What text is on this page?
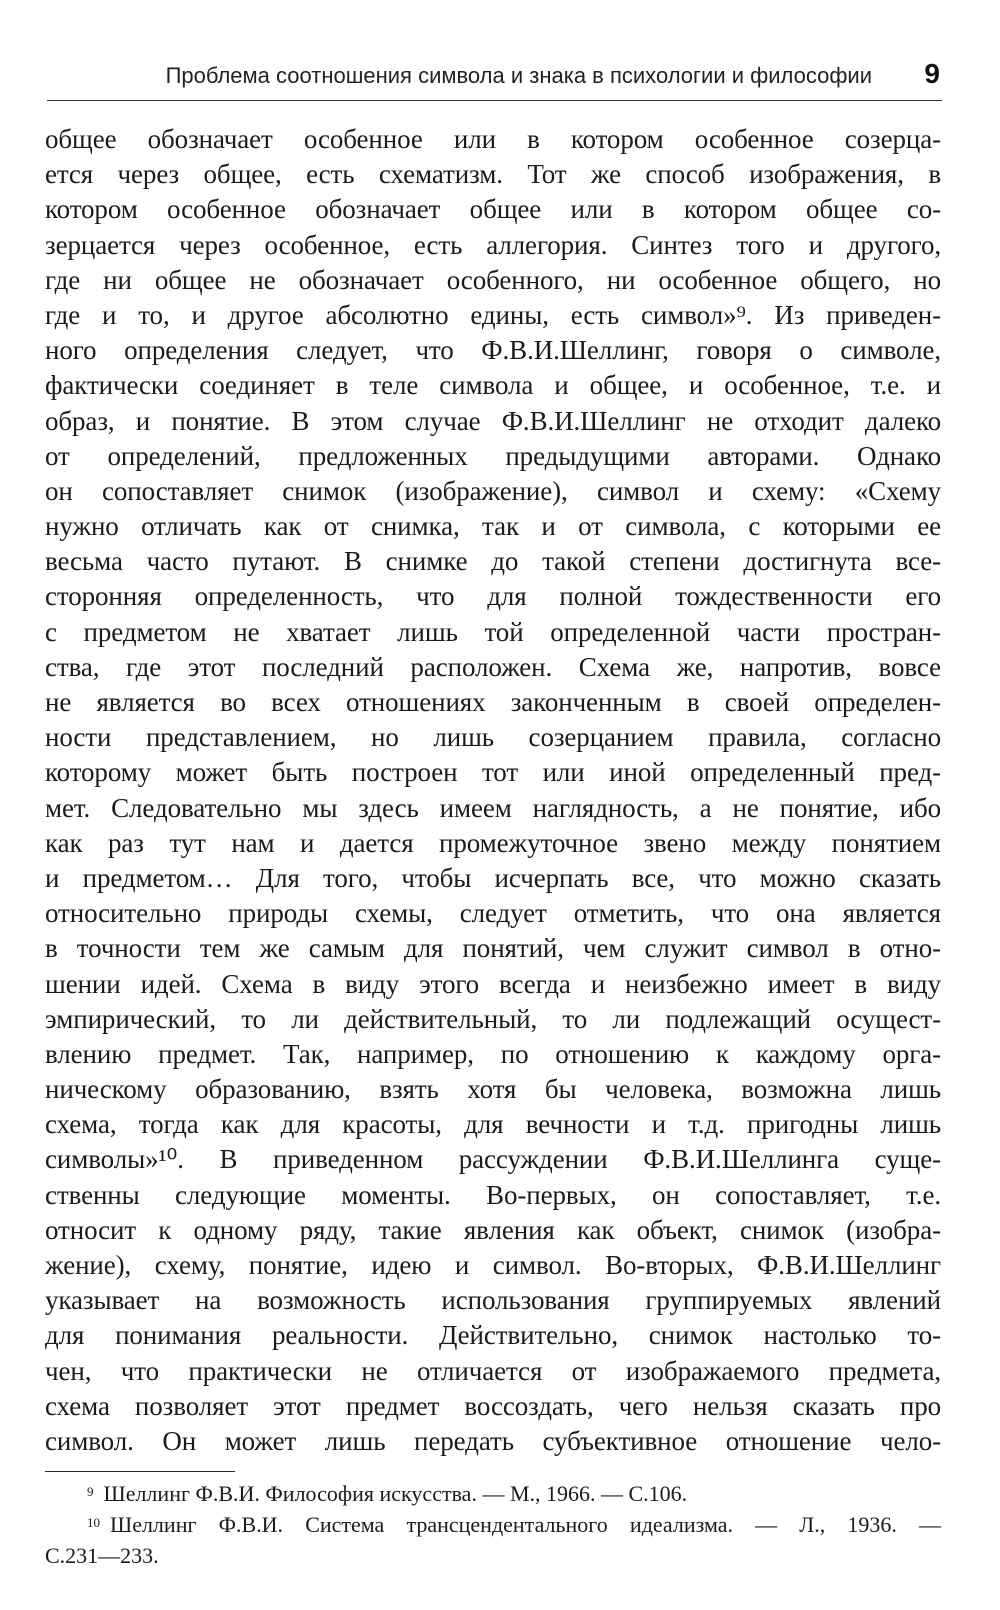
Проблема соотношения символа и знака в психологии и философии 9
общее обозначает особенное или в котором особенное созерца-
ется через общее, есть схематизм. Тот же способ изображения, в
котором особенное обозначает общее или в котором общее со-
зерцается через особенное, есть аллегория. Синтез того и другого,
где ни общее не обозначает особенного, ни особенное общего, но
где и то, и другое абсолютно едины, есть символ»⁹. Из приведен-
ного определения следует, что Ф.В.И.Шеллинг, говоря о символе,
фактически соединяет в теле символа и общее, и особенное, т.е. и
образ, и понятие. В этом случае Ф.В.И.Шеллинг не отходит далеко
от определений, предложенных предыдущими авторами. Однако
он сопоставляет снимок (изображение), символ и схему: «Схему
нужно отличать как от снимка, так и от символа, с которыми ее
весьма часто путают. В снимке до такой степени достигнута все-
сторонняя определенность, что для полной тождественности его
с предметом не хватает лишь той определенной части простран-
ства, где этот последний расположен. Схема же, напротив, вовсе
не является во всех отношениях законченным в своей определен-
ности представлением, но лишь созерцанием правила, согласно
которому может быть построен тот или иной определенный пред-
мет. Следовательно мы здесь имеем наглядность, а не понятие, ибо
как раз тут нам и дается промежуточное звено между понятием
и предметом… Для того, чтобы исчерпать все, что можно сказать
относительно природы схемы, следует отметить, что она является
в точности тем же самым для понятий, чем служит символ в отно-
шении идей. Схема в виду этого всегда и неизбежно имеет в виду
эмпирический, то ли действительный, то ли подлежащий осущест-
влению предмет. Так, например, по отношению к каждому орга-
ническому образованию, взять хотя бы человека, возможна лишь
схема, тогда как для красоты, для вечности и т.д. пригодны лишь
символы»¹⁰. В приведенном рассуждении Ф.В.И.Шеллинга суще-
ственны следующие моменты. Во-первых, он сопоставляет, т.е.
относит к одному ряду, такие явления как объект, снимок (изобра-
жение), схему, понятие, идею и символ. Во-вторых, Ф.В.И.Шеллинг
указывает на возможность использования группируемых явлений
для понимания реальности. Действительно, снимок настолько то-
чен, что практически не отличается от изображаемого предмета,
схема позволяет этот предмет воссоздать, чего нельзя сказать про
символ. Он может лишь передать субъективное отношение чело-
$^9$ Шеллинг Ф.В.И. Философия искусства. — М., 1966. — С.106.
$^{10}$ Шеллинг Ф.В.И. Система трансцендентального идеализма. — Л., 1936. —
С.231—233.
